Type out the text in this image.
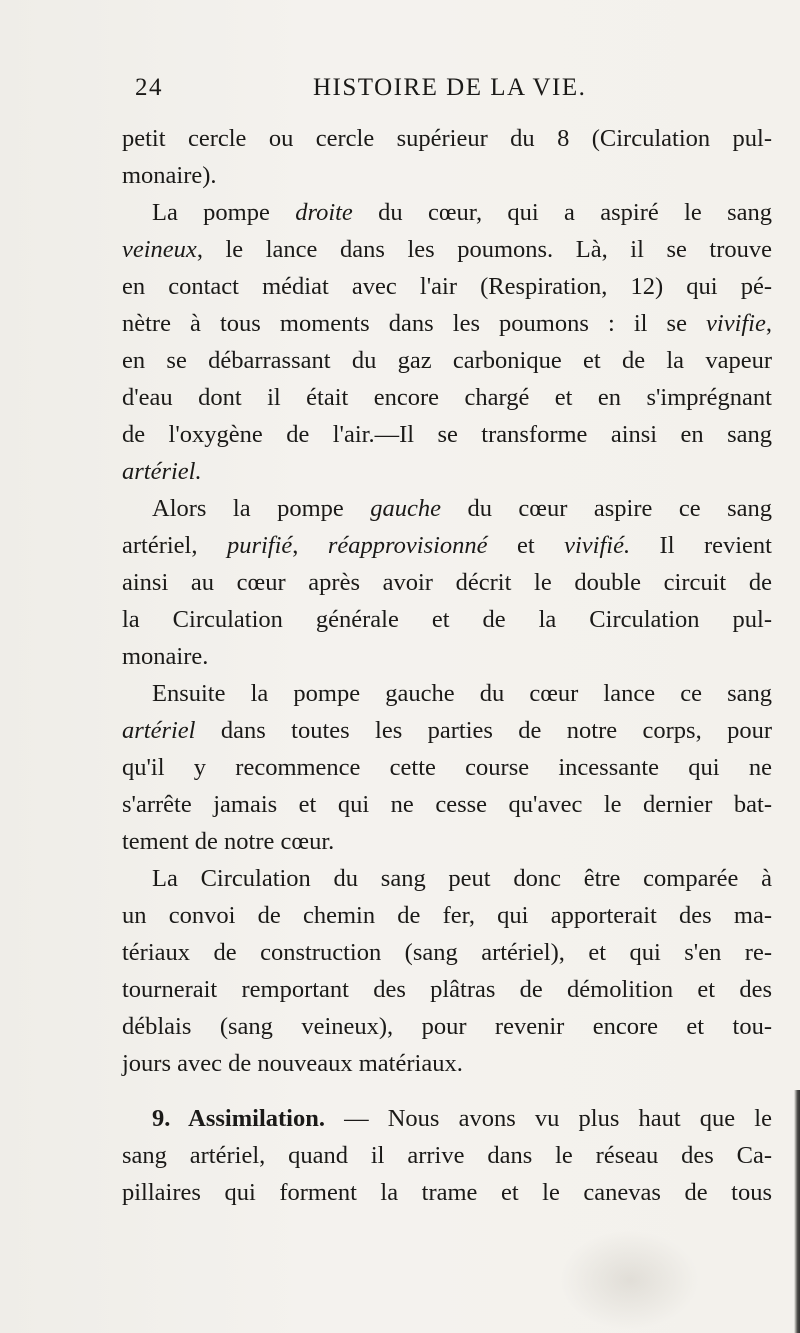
24	HISTOIRE DE LA VIE.
petit cercle ou cercle supérieur du 8 (Circulation pul-
monaire).
La pompe droite du cœur, qui a aspiré le sang
veineux, le lance dans les poumons. Là, il se trouve
en contact médiat avec l'air (Respiration, 12) qui pé-
nètre à tous moments dans les poumons : il se vivifie,
en se débarrassant du gaz carbonique et de la vapeur
d'eau dont il était encore chargé et en s'imprégnant
de l'oxygène de l'air.—Il se transforme ainsi en sang
artériel.
Alors la pompe gauche du cœur aspire ce sang
artériel, purifié, réapprovisionné et vivifié. Il revient
ainsi au cœur après avoir décrit le double circuit de
la Circulation générale et de la Circulation pul-
monaire.
Ensuite la pompe gauche du cœur lance ce sang
artériel dans toutes les parties de notre corps, pour
qu'il y recommence cette course incessante qui ne
s'arrête jamais et qui ne cesse qu'avec le dernier bat-
tement de notre cœur.
La Circulation du sang peut donc être comparée à
un convoi de chemin de fer, qui apporterait des ma-
tériaux de construction (sang artériel), et qui s'en re-
tournerait remportant des plâtras de démolition et des
déblais (sang veineux), pour revenir encore et tou-
jours avec de nouveaux matériaux.
9. Assimilation. — Nous avons vu plus haut que le
sang artériel, quand il arrive dans le réseau des Ca-
pillaires qui forment la trame et le canevas de tous
